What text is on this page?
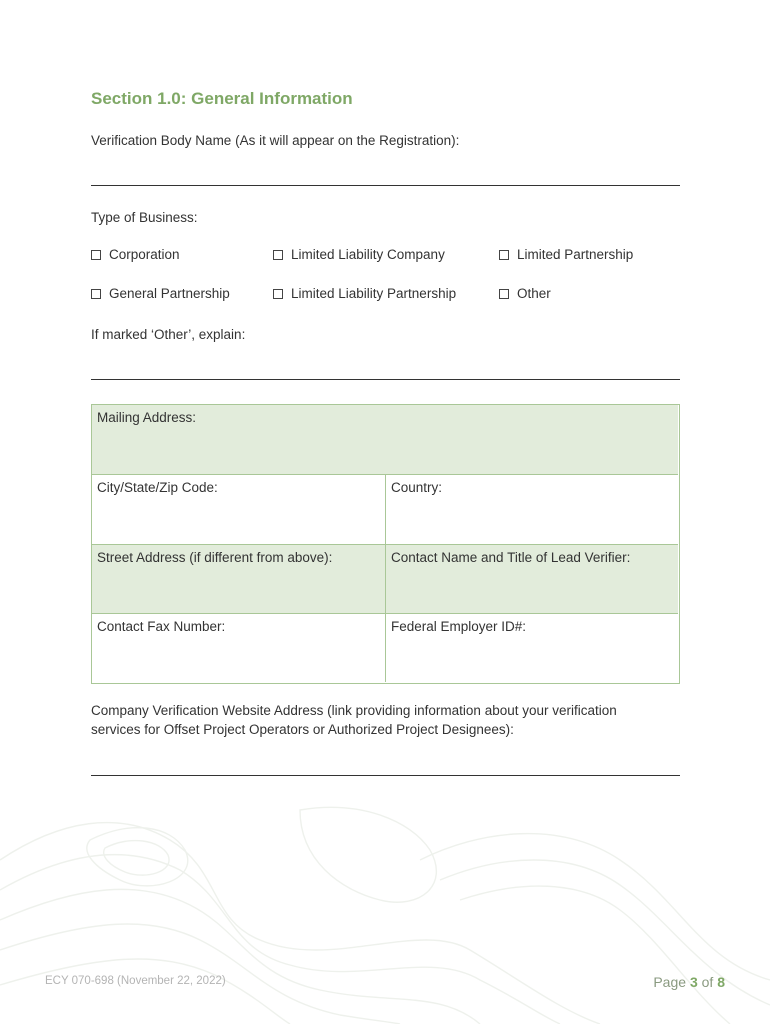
Section 1.0: General Information
Verification Body Name (As it will appear on the Registration):
Type of Business:
Corporation	Limited Liability Company	Limited Partnership
General Partnership	Limited Liability Partnership	Other
If marked ‘Other’, explain:
Mailing Address:
City/State/Zip Code:	Country:
Street Address (if different from above):	Contact Name and Title of Lead Verifier:
Contact Fax Number:	Federal Employer ID#:
Company Verification Website Address (link providing information about your verification
services for Offset Project Operators or Authorized Project Designees):
ECY 070-698 (November 22, 2022)	Page 3 of 8
